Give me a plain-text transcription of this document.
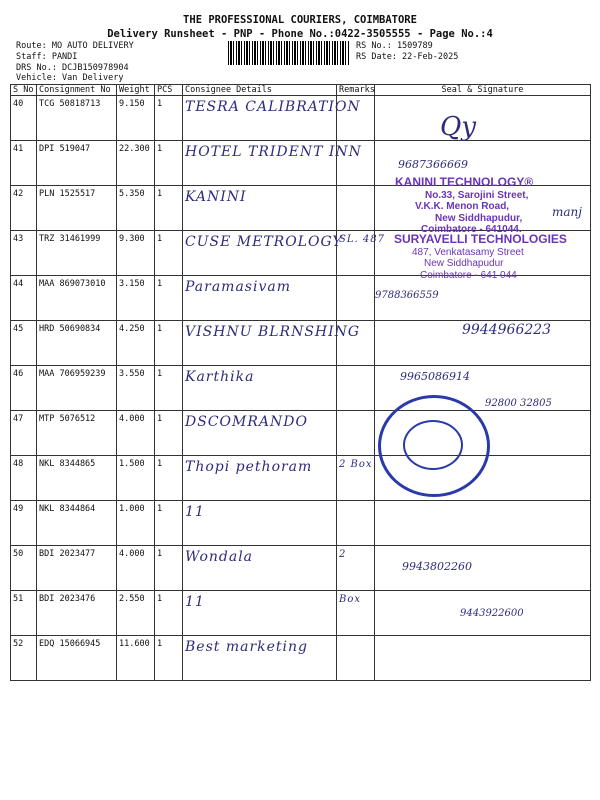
THE PROFESSIONAL COURIERS, COIMBATORE
Delivery Runsheet - PNP - Phone No.:0422-3505555 - Page No.:4
Route: MO AUTO DELIVERY
Staff: PANDI
DRS No.: DCJB150978904
Vehicle: Van Delivery
RS No.: 1509789
RS Date: 22-Feb-2025
S No	Consignment No	Weight	PCS	Consignee Details	Remarks	Seal & Signature
40	TCG 50818713	9.150	1	TESRA CALIBRATION		
41	DPI 519047	22.300	1	HOTEL TRIDENT INN		
42	PLN 1525517	5.350	1	KANINI		
43	TRZ 31461999	9.300	1	CUSE METROLOGY	SL. 487	
44	MAA 869073010	3.150	1	Paramasivam		
45	HRD 50690834	4.250	1	VISHNU BLRNSHING		
46	MAA 706959239	3.550	1	Karthika		
47	MTP 5076512	4.000	1	DSCOMRANDO		
48	NKL 8344865	1.500	1	Thopi pethoram	2 Box	
49	NKL 8344864	1.000	1	11		
50	BDI 2023477	4.000	1	Wondala	2	
51	BDI 2023476	2.550	1	11	Box	
52	EDQ 15066945	11.600	1	Best marketing		
KANINI TECHNOLOGY®
No.33, Sarojini Street,
V.K.K. Menon Road,
New Siddhapudur,
Coimbatore - 641044.
SURYAVELLI TECHNOLOGIES
487, Venkatasamy Street
New Siddhapudur
Coimbatore - 641 044
Qy
9687366669
manj
9788366559
9944966223
9965086914
92800 32805
9943802260
9443922600
